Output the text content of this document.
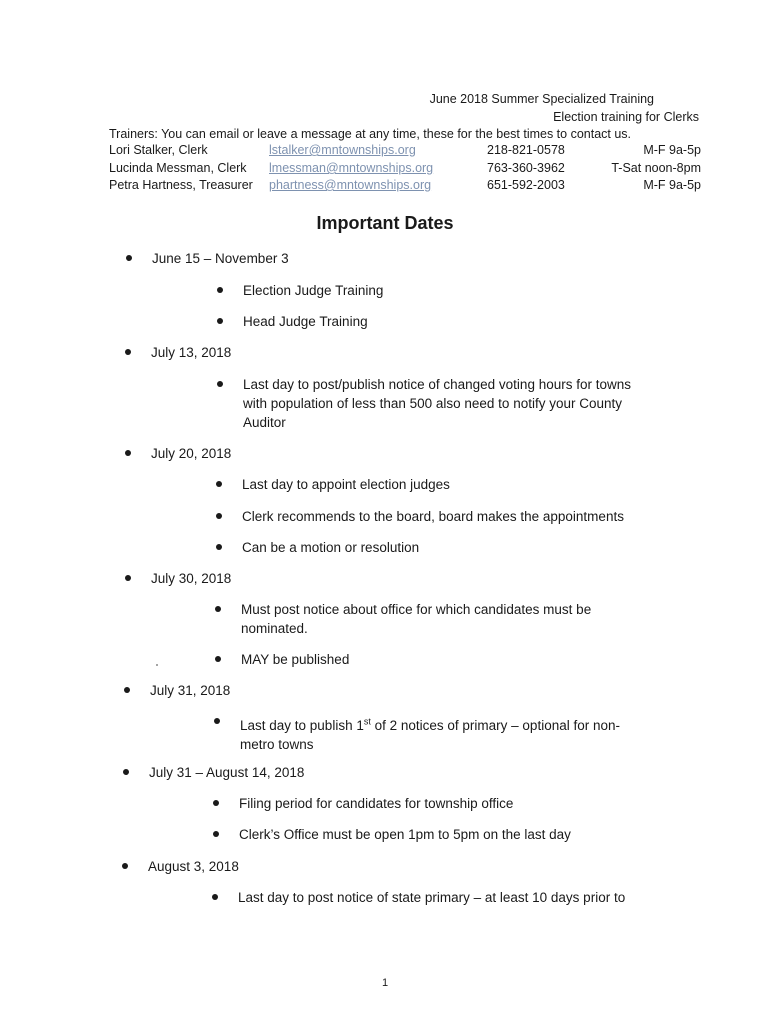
June 2018 Summer Specialized Training
Election training for Clerks
Trainers: You can email or leave a message at any time, these for the best times to contact us.
Lori Stalker, Clerk	lstalker@mntownships.org	218-821-0578	M-F 9a-5p
Lucinda Messman, Clerk lmessman@mntownships.org	763-360-3962	T-Sat noon-8pm
Petra Hartness, Treasurer phartness@mntownships.org	651-592-2003	M-F 9a-5p
Important Dates
June 15 – November 3
Election Judge Training
Head Judge Training
July 13, 2018
Last day to post/publish notice of changed voting hours for towns with population of less than 500 also need to notify your County Auditor
July 20, 2018
Last day to appoint election judges
Clerk recommends to the board, board makes the appointments
Can be a motion or resolution
July 30, 2018
Must post notice about office for which candidates must be nominated.
MAY be published
July 31, 2018
Last day to publish 1st of 2 notices of primary – optional for non-metro towns
July 31 – August 14, 2018
Filing period for candidates for township office
Clerk’s Office must be open 1pm to 5pm on the last day
August 3, 2018
Last day to post notice of state primary – at least 10 days prior to
1
